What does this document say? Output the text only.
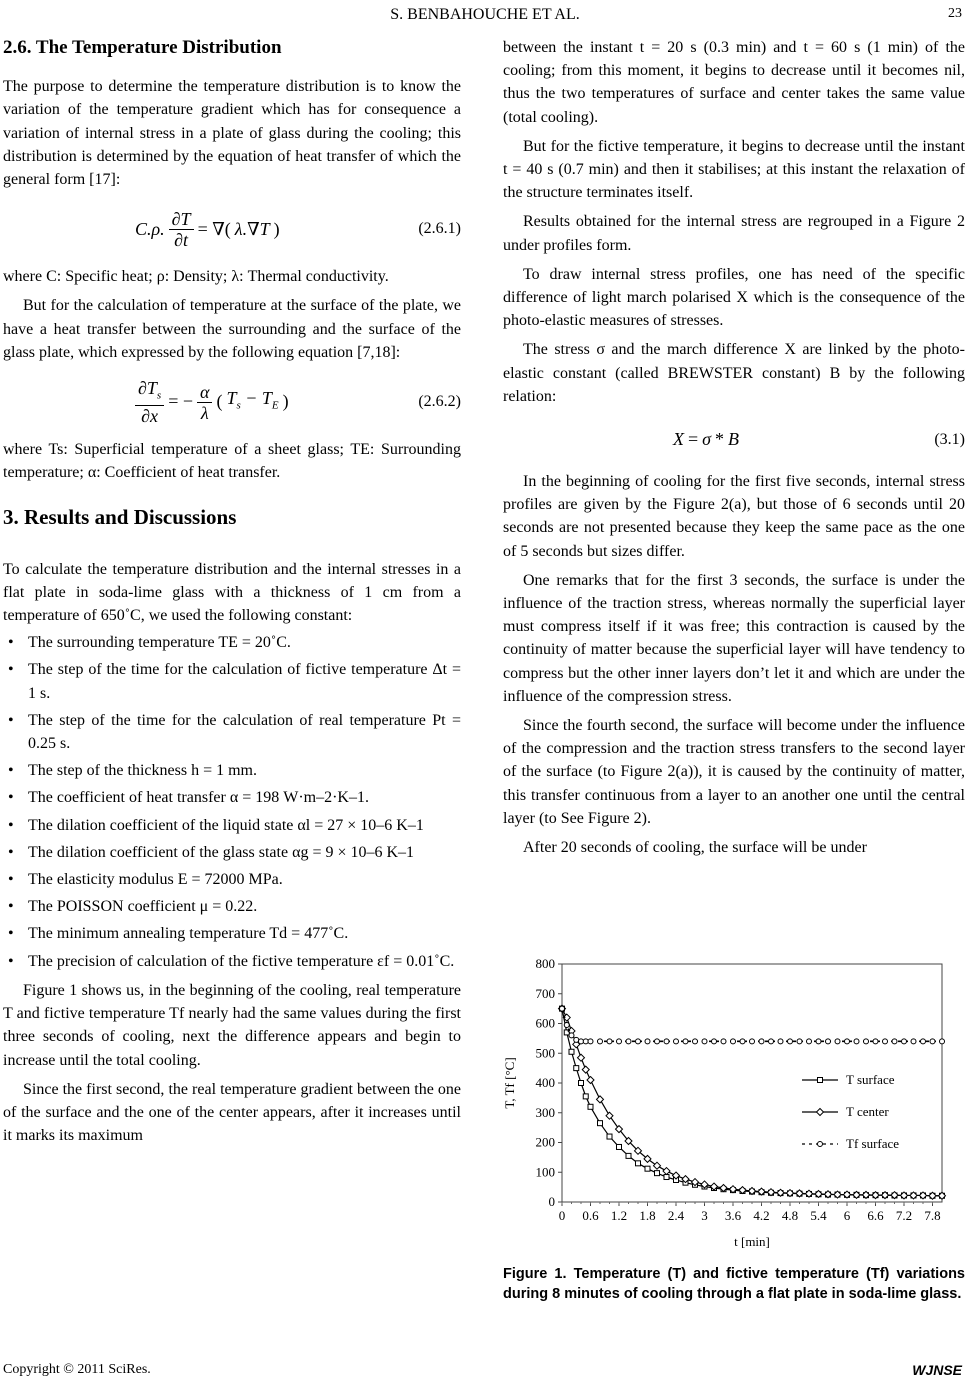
S. BENBAHOUCHE ET AL.	23
2.6. The Temperature Distribution

The purpose to determine the temperature distribution is to know the variation of the temperature gradient which has for consequence a variation of internal stress in a plate of glass during the cooling; this distribution is determined by the equation of heat transfer of which the general form [17]:

C.ρ. $\frac{\partial T}{\partial t}$ = ∇( λ.∇T )	(2.6.1)

where C: Specific heat; ρ: Density; λ: Thermal conductivity.

But for the calculation of temperature at the surface of the plate, we have a heat transfer between the surrounding and the surface of the glass plate, which expressed by the following equation [7,18]:

$\frac{\partial T_s}{\partial x}$ = − $\frac{\alpha}{\lambda}$ ( $T_s - T_E$ )	(2.6.2)

where Ts: Superficial temperature of a sheet glass; TE: Surrounding temperature; α: Coefficient of heat transfer.

3. Results and Discussions

To calculate the temperature distribution and the internal stresses in a flat plate in soda-lime glass with a thickness of 1 cm from a temperature of 650˚C, we used the following constant:

• The surrounding temperature TE = 20˚C.
• The step of the time for the calculation of fictive temperature Δt = 1 s.
• The step of the time for the calculation of real temperature Pt = 0.25 s.
• The step of the thickness h = 1 mm.
• The coefficient of heat transfer α = 198 W·m–2·K–1.
• The dilation coefficient of the liquid state αl = 27 × 10–6 K–1
• The dilation coefficient of the glass state αg = 9 × 10–6 K–1
• The elasticity modulus E = 72000 MPa.
• The POISSON coefficient μ = 0.22.
• The minimum annealing temperature Td = 477˚C.
• The precision of calculation of the fictive temperature εf = 0.01˚C.

Figure 1 shows us, in the beginning of the cooling, real temperature T and fictive temperature Tf nearly had the same values during the first three seconds of cooling, next the difference appears and begin to increase until the total cooling.

Since the first second, the real temperature gradient between the one of the surface and the one of the center appears, after it increases until it marks its maximum

between the instant t = 20 s (0.3 min) and t = 60 s (1 min) of the cooling; from this moment, it begins to decrease until it becomes nil, thus the two temperatures of surface and center takes the same value (total cooling).

But for the fictive temperature, it begins to decrease until the instant t = 40 s (0.7 min) and then it stabilises; at this instant the relaxation of the structure terminates itself.

Results obtained for the internal stress are regrouped in a Figure 2 under profiles form.

To draw internal stress profiles, one has need of the specific difference of light march polarised X which is the consequence of the photo-elastic measures of stresses.

The stress σ and the march difference X are linked by the photo-elastic constant (called BREWSTER constant) B by the following relation:

X = σ * B	(3.1)

In the beginning of cooling for the first five seconds, internal stress profiles are given by the Figure 2(a), but those of 6 seconds until 20 seconds are not presented because they keep the same pace as the one of 5 seconds but sizes differ.

One remarks that for the first 3 seconds, the surface is under the influence of the traction stress, whereas normally the superficial layer must compress itself if it was free; this contraction is caused by the continuity of matter because the superficial layer will have tendency to compress but the other inner layers don’t let it and which are under the influence of the compression stress.

Since the fourth second, the surface will become under the influence of the compression and the traction stress transfers to the second layer of the surface (to Figure 2(a)), it is caused by the continuity of matter, this transfer continuous from a layer to an another one until the central layer (to See Figure 2).

After 20 seconds of cooling, the surface will be under

0
100
200
300
400
500
600
700
800
0 0.6 1.2 1.8 2.4 3 3.6 4.2 4.8 5.4 6 6.6 7.2 7.8
t [min]
T, Tf [°C]	T surface
T center
Tf surface
Figure 1. Temperature (T) and fictive temperature (Tf) variations during 8 minutes of cooling through a flat plate in soda-lime glass.
Copyright © 2011 SciRes.	WJNSE
